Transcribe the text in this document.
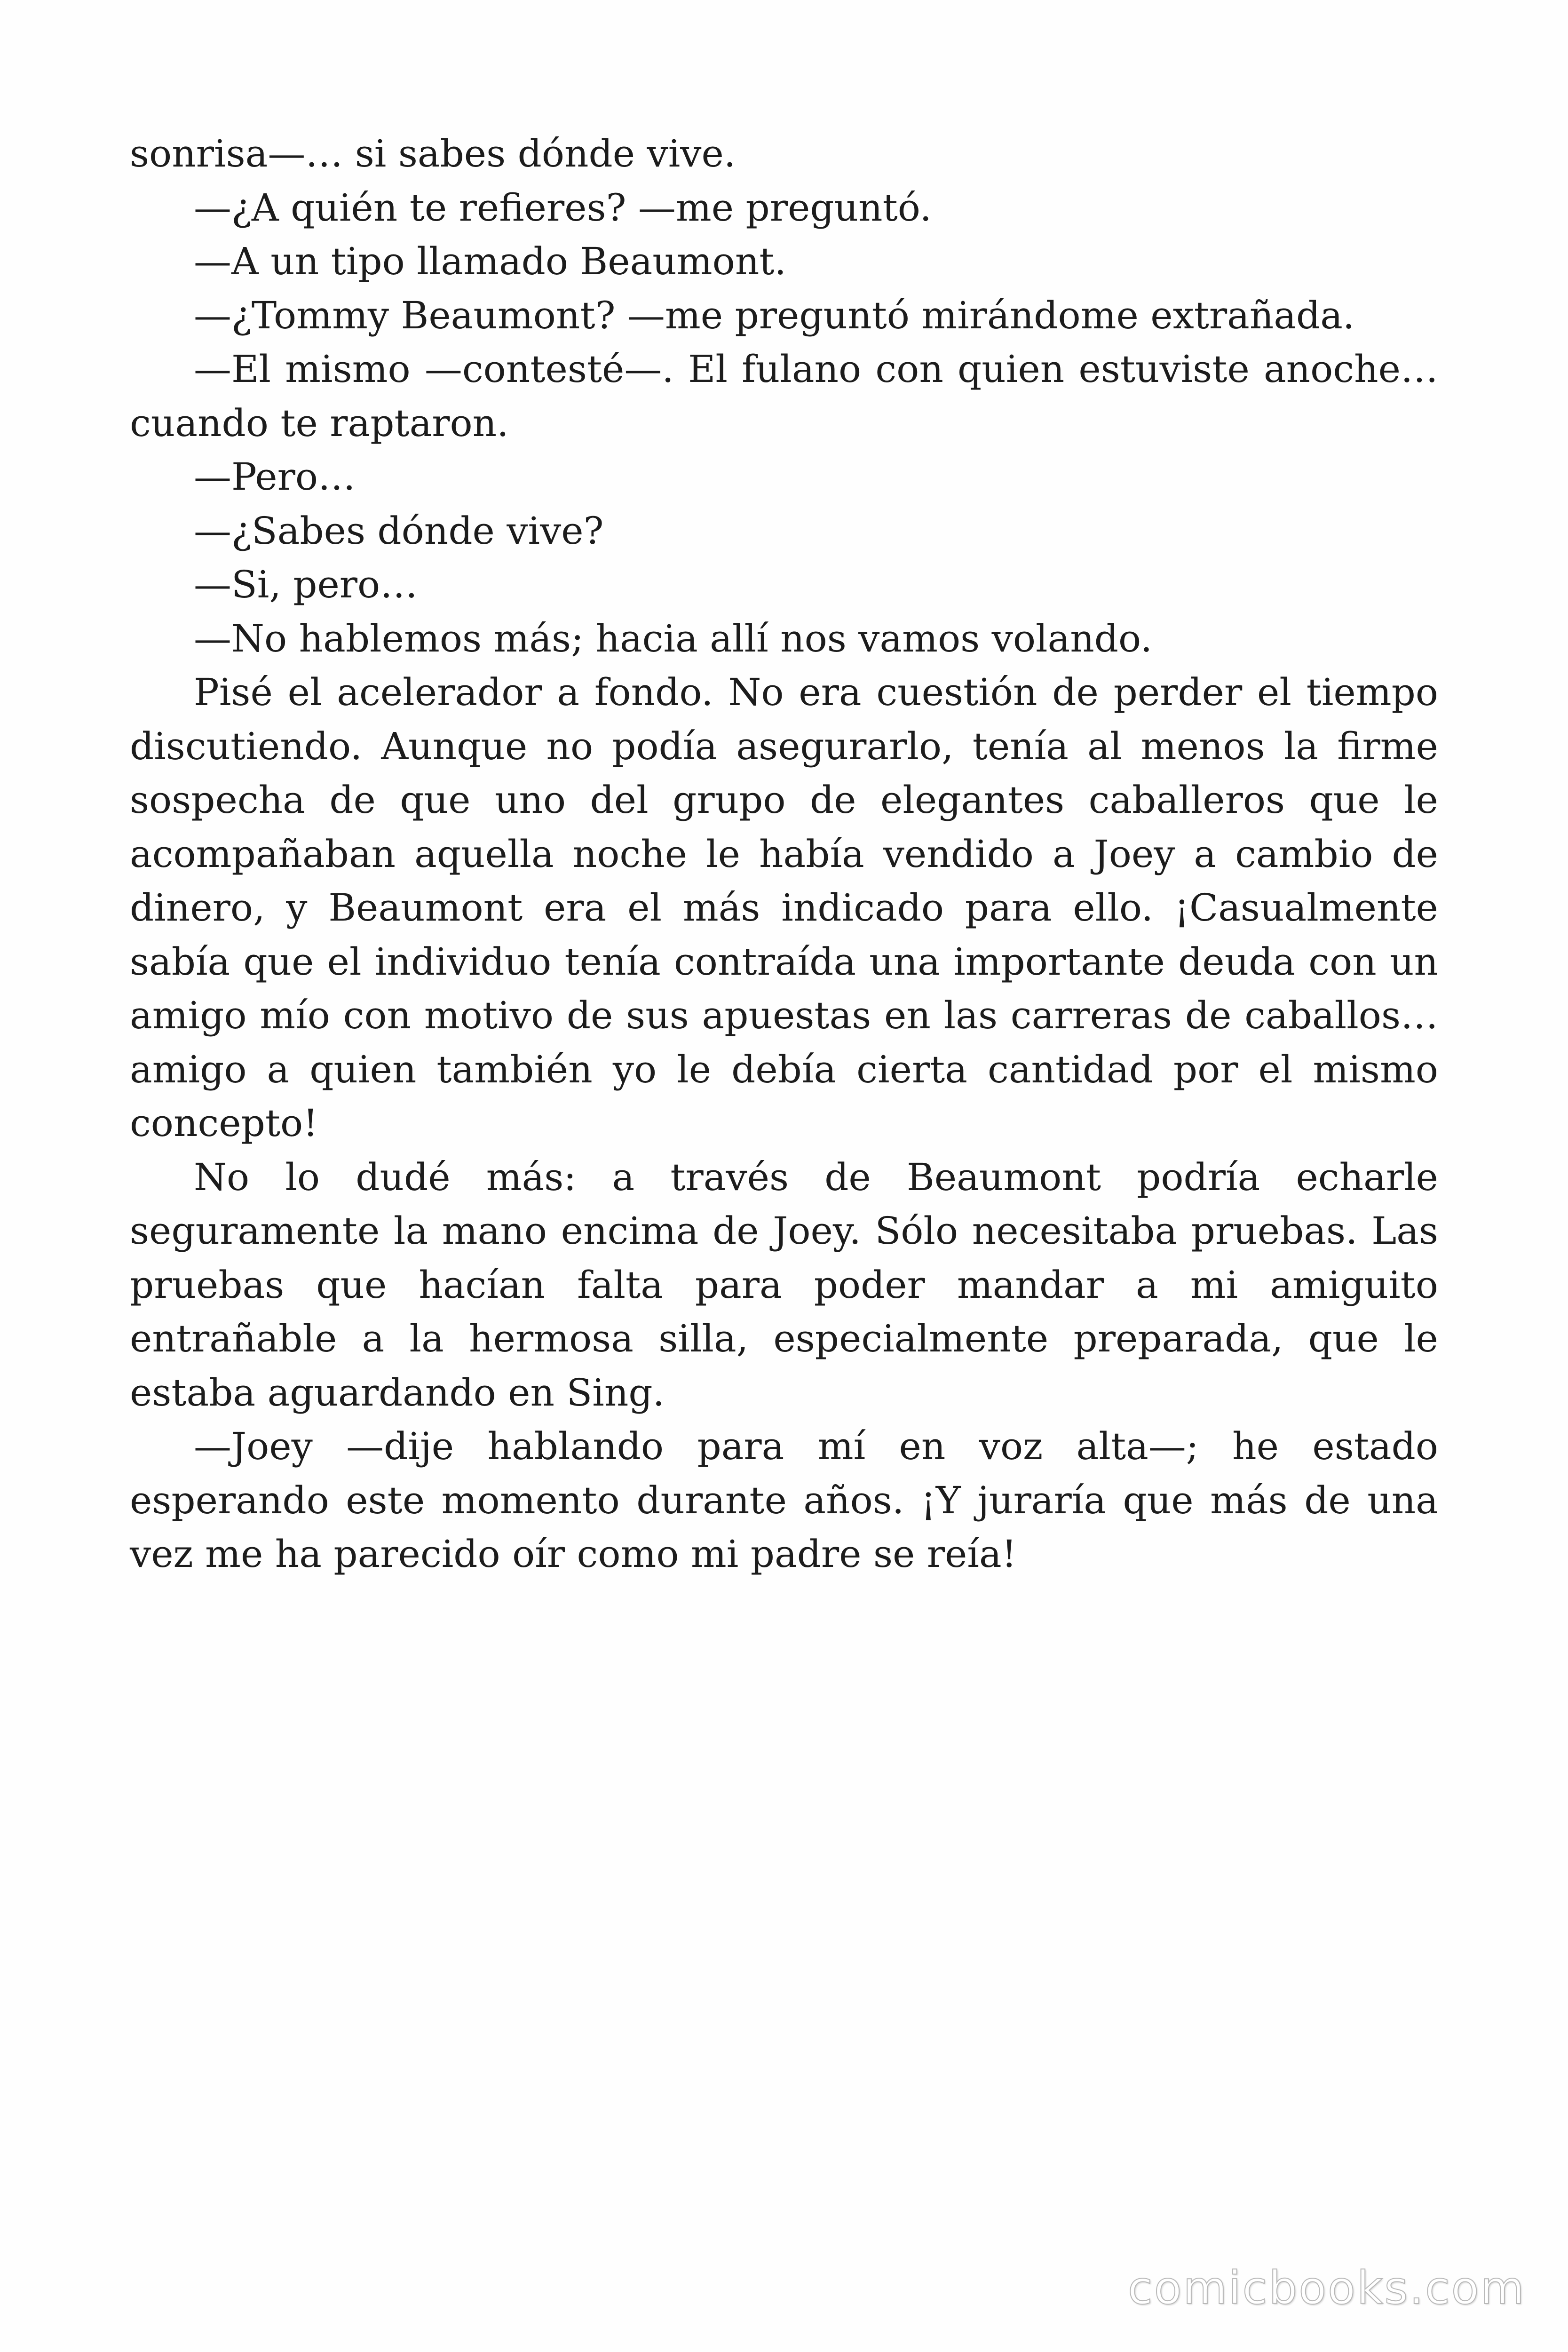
sonrisa—… si sabes dónde vive.

—¿A quién te refieres? —me preguntó.

—A un tipo llamado Beaumont.

—¿Tommy Beaumont? —me preguntó mirándome extrañada.

—El mismo —contesté—. El fulano con quien estuviste anoche… cuando te raptaron.

—Pero…

—¿Sabes dónde vive?

—Si, pero…

—No hablemos más; hacia allí nos vamos volando.

Pisé el acelerador a fondo. No era cuestión de perder el tiempo discutiendo. Aunque no podía asegurarlo, tenía al menos la firme sospecha de que uno del grupo de elegantes caballeros que le acompañaban aquella noche le había vendido a Joey a cambio de dinero, y Beaumont era el más indicado para ello. ¡Casualmente sabía que el individuo tenía contraída una importante deuda con un amigo mío con motivo de sus apuestas en las carreras de caballos… amigo a quien también yo le debía cierta cantidad por el mismo concepto!

No lo dudé más: a través de Beaumont podría echarle seguramente la mano encima de Joey. Sólo necesitaba pruebas. Las pruebas que hacían falta para poder mandar a mi amiguito entrañable a la hermosa silla, especialmente preparada, que le estaba aguardando en Sing.

—Joey —dije hablando para mí en voz alta—; he estado esperando este momento durante años. ¡Y juraría que más de una vez me ha parecido oír como mi padre se reía!

comicbooks.com
